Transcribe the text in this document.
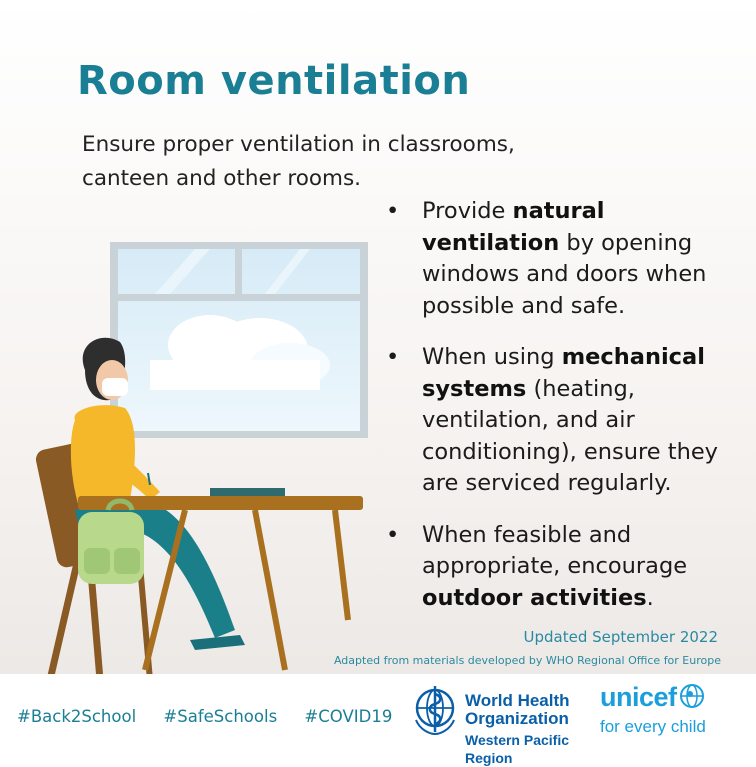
Room ventilation

Ensure proper ventilation in classrooms, canteen and other rooms.

• Provide natural ventilation by opening windows and doors when possible and safe.
• When using mechanical systems (heating, ventilation, and air conditioning), ensure they are serviced regularly.
• When feasible and appropriate, encourage outdoor activities.

Updated September 2022

Adapted from materials developed by WHO Regional Office for Europe

#Back2School #SafeSchools #COVID19
World Health
Organization
Western Pacific Region
unicef
for every child
